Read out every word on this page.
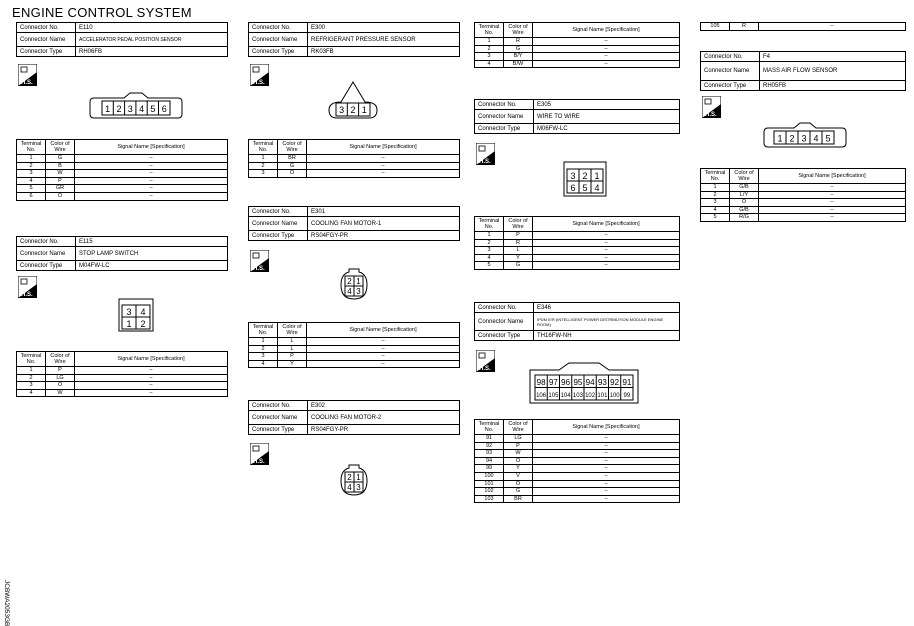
ENGINE CONTROL SYSTEM
Connector No.	E110
Connector Name	ACCELERATOR PEDAL POSITION SENSOR
Connector Type	RH06FB
H.S.
1 2 3 4 5 6
Terminal No.	Color of Wire	Signal Name [Specification]
1	G	–
2	B	–
3	W	–
4	P	–
5	GR	–
6	O	–
Connector No.	E115
Connector Name	STOP LAMP SWITCH
Connector Type	M04FW-LC
H.S.
3 4
1 2
Terminal No.	Color of Wire	Signal Name [Specification]
1	P	–
2	LG	–
3	O	–
4	W	–
Connector No.	E300
Connector Name	REFRIGERANT PRESSURE SENSOR
Connector Type	RK03FB
H.S.
3 2 1
Terminal No.	Color of Wire	Signal Name [Specification]
1	BR	–
2	G	–
3	O	–
Connector No.	E301
Connector Name	COOLING FAN MOTOR-1
Connector Type	RS04FGY-PR
H.S.
2 1
4 3
Terminal No.	Color of Wire	Signal Name [Specification]
1	L	–
2	L	–
3	P	–
4	Y	–
Connector No.	E302
Connector Name	COOLING FAN MOTOR-2
Connector Type	RS04FGY-PR
H.S.
2 1
4 3
Terminal No.	Color of Wire	Signal Name [Specification]
1	R	–
2	G	–
3	B/Y	–
4	B/W	–
Connector No.	E305
Connector Name	WIRE TO WIRE
Connector Type	M06FW-LC
H.S.
3 2 1
6 5 4
Terminal No.	Color of Wire	Signal Name [Specification]
1	P	–
2	R	–
3	L	–
4	Y	–
5	G	–
Connector No.	E346
Connector Name	IPDM E/R (INTELLIGENT POWER DISTRIBUTION MODULE ENGINE ROOM)
Connector Type	TH16FW-NH
H.S.
98 97 96 95 94 93 92 91
106 105 104 103 102 101 100 99
Terminal No.	Color of Wire	Signal Name [Specification]
91	LG	–
92	P	–
93	W	–
94	O	–
99	Y	–
100	V	–
101	O	–
102	G	–
103	BR	–
105	R	–
Connector No.	F4
Connector Name	MASS AIR FLOW SENSOR
Connector Type	RH05FB
H.S.
1 2 3 4 5
Terminal No.	Color of Wire	Signal Name [Specification]
1	G/B	–
2	L/Y	–
3	O	–
4	G/B	–
5	R/G	–
JCBWA2053GB
